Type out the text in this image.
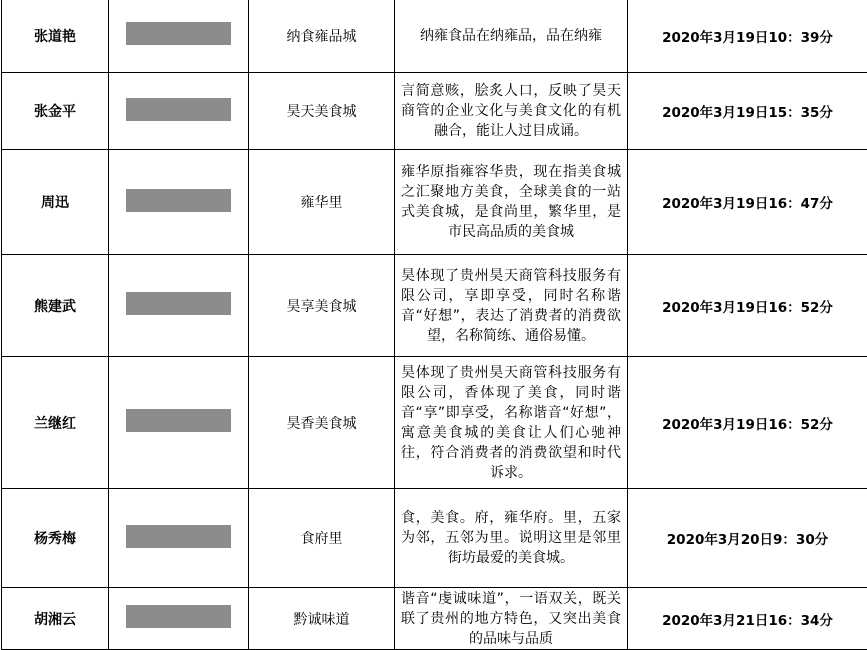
张道艳		纳食雍品城	纳雍食品在纳雍品，品在纳雍	2020年3月19日10：39分
张金平		昊天美食城	言简意赅，脍炙人口，反映了昊天商管的企业文化与美食文化的有机融合，能让人过目成诵。	2020年3月19日15：35分
周迅		雍华里	雍华原指雍容华贵，现在指美食城之汇聚地方美食，全球美食的一站式美食城，是食尚里，繁华里，是市民高品质的美食城	2020年3月19日16：47分
熊建武		昊享美食城	昊体现了贵州昊天商管科技服务有限公司，享即享受，同时名称谐音“好想”，表达了消费者的消费欲望，名称简练、通俗易懂。	2020年3月19日16：52分
兰继红		昊香美食城	昊体现了贵州昊天商管科技服务有限公司，香体现了美食，同时谐音“享”即享受，名称谐音“好想”，寓意美食城的美食让人们心驰神往，符合消费者的消费欲望和时代诉求。	2020年3月19日16：52分
杨秀梅		食府里	食，美食。府，雍华府。里，五家为邻，五邻为里。说明这里是邻里街坊最爱的美食城。	2020年3月20日9：30分
胡湘云		黔诚味道	谐音“虔诚味道”，一语双关，既关联了贵州的地方特色，又突出美食的品味与品质	2020年3月21日16：34分
